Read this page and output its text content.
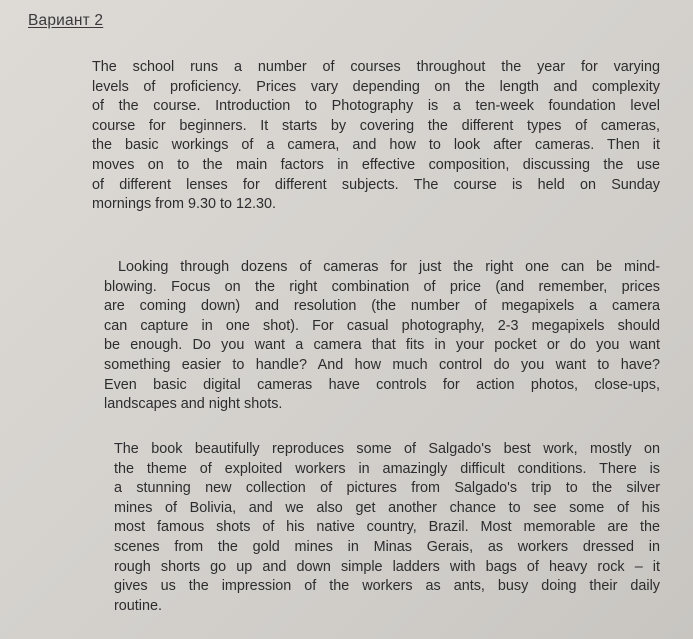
Вариант 2

The school runs a number of courses throughout the year for varying
levels of proficiency. Prices vary depending on the length and complexity
of the course. Introduction to Photography is a ten-week foundation level
course for beginners. It starts by covering the different types of cameras,
the basic workings of a camera, and how to look after cameras. Then it
moves on to the main factors in effective composition, discussing the use
of different lenses for different subjects. The course is held on Sunday
mornings from 9.30 to 12.30.

Looking through dozens of cameras for just the right one can be mind-
blowing. Focus on the right combination of price (and remember, prices
are coming down) and resolution (the number of megapixels a camera
can capture in one shot). For casual photography, 2-3 megapixels should
be enough. Do you want a camera that fits in your pocket or do you want
something easier to handle? And how much control do you want to have?
Even basic digital cameras have controls for action photos, close-ups,
landscapes and night shots.

The book beautifully reproduces some of Salgado's best work, mostly on
the theme of exploited workers in amazingly difficult conditions. There is
a stunning new collection of pictures from Salgado's trip to the silver
mines of Bolivia, and we also get another chance to see some of his
most famous shots of his native country, Brazil. Most memorable are the
scenes from the gold mines in Minas Gerais, as workers dressed in
rough shorts go up and down simple ladders with bags of heavy rock – it
gives us the impression of the workers as ants, busy doing their daily
routine.
